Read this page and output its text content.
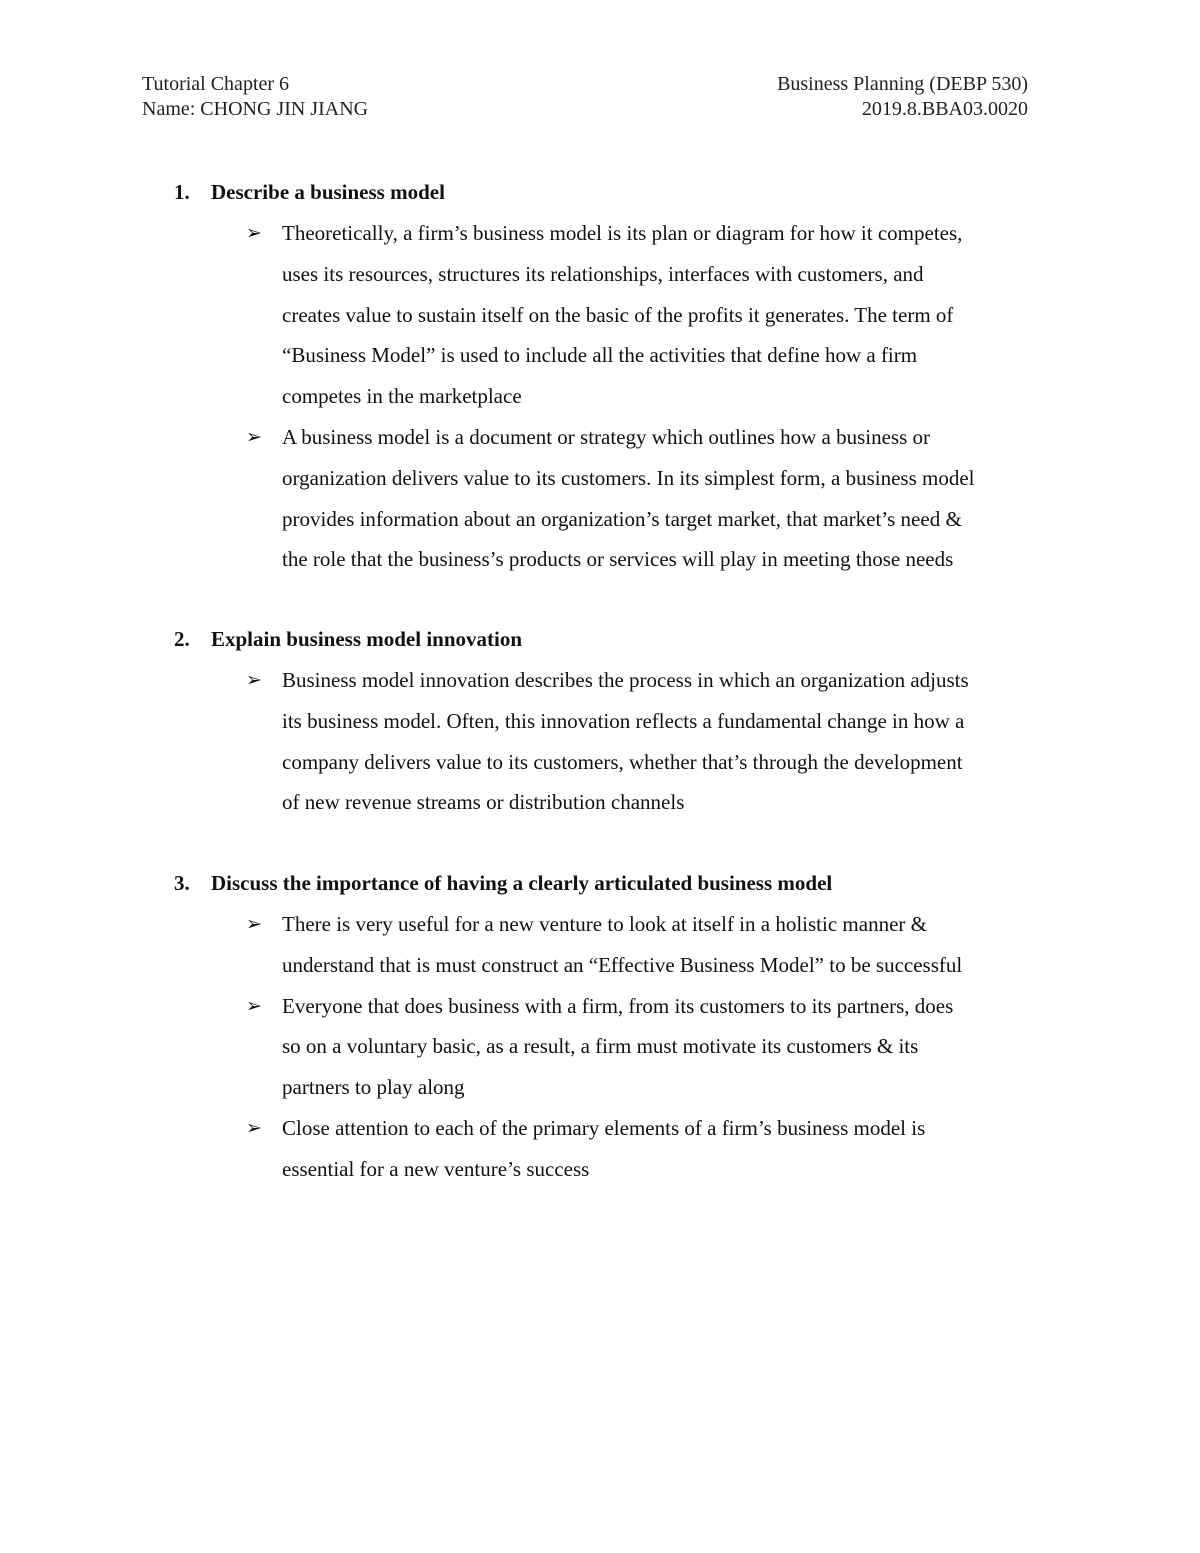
Tutorial Chapter 6	Business Planning (DEBP 530)
Name: CHONG JIN JIANG	2019.8.BBA03.0020
1.	Describe a business model
➢ Theoretically, a firm’s business model is its plan or diagram for how it competes,
uses its resources, structures its relationships, interfaces with customers, and
creates value to sustain itself on the basic of the profits it generates. The term of
“Business Model” is used to include all the activities that define how a firm
competes in the marketplace
➢ A business model is a document or strategy which outlines how a business or
organization delivers value to its customers. In its simplest form, a business model
provides information about an organization’s target market, that market’s need &
the role that the business’s products or services will play in meeting those needs
2.	Explain business model innovation
➢ Business model innovation describes the process in which an organization adjusts
its business model. Often, this innovation reflects a fundamental change in how a
company delivers value to its customers, whether that’s through the development
of new revenue streams or distribution channels
3.	Discuss the importance of having a clearly articulated business model
➢ There is very useful for a new venture to look at itself in a holistic manner &
understand that is must construct an “Effective Business Model” to be successful
➢ Everyone that does business with a firm, from its customers to its partners, does
so on a voluntary basic, as a result, a firm must motivate its customers & its
partners to play along
➢ Close attention to each of the primary elements of a firm’s business model is
essential for a new venture’s success
